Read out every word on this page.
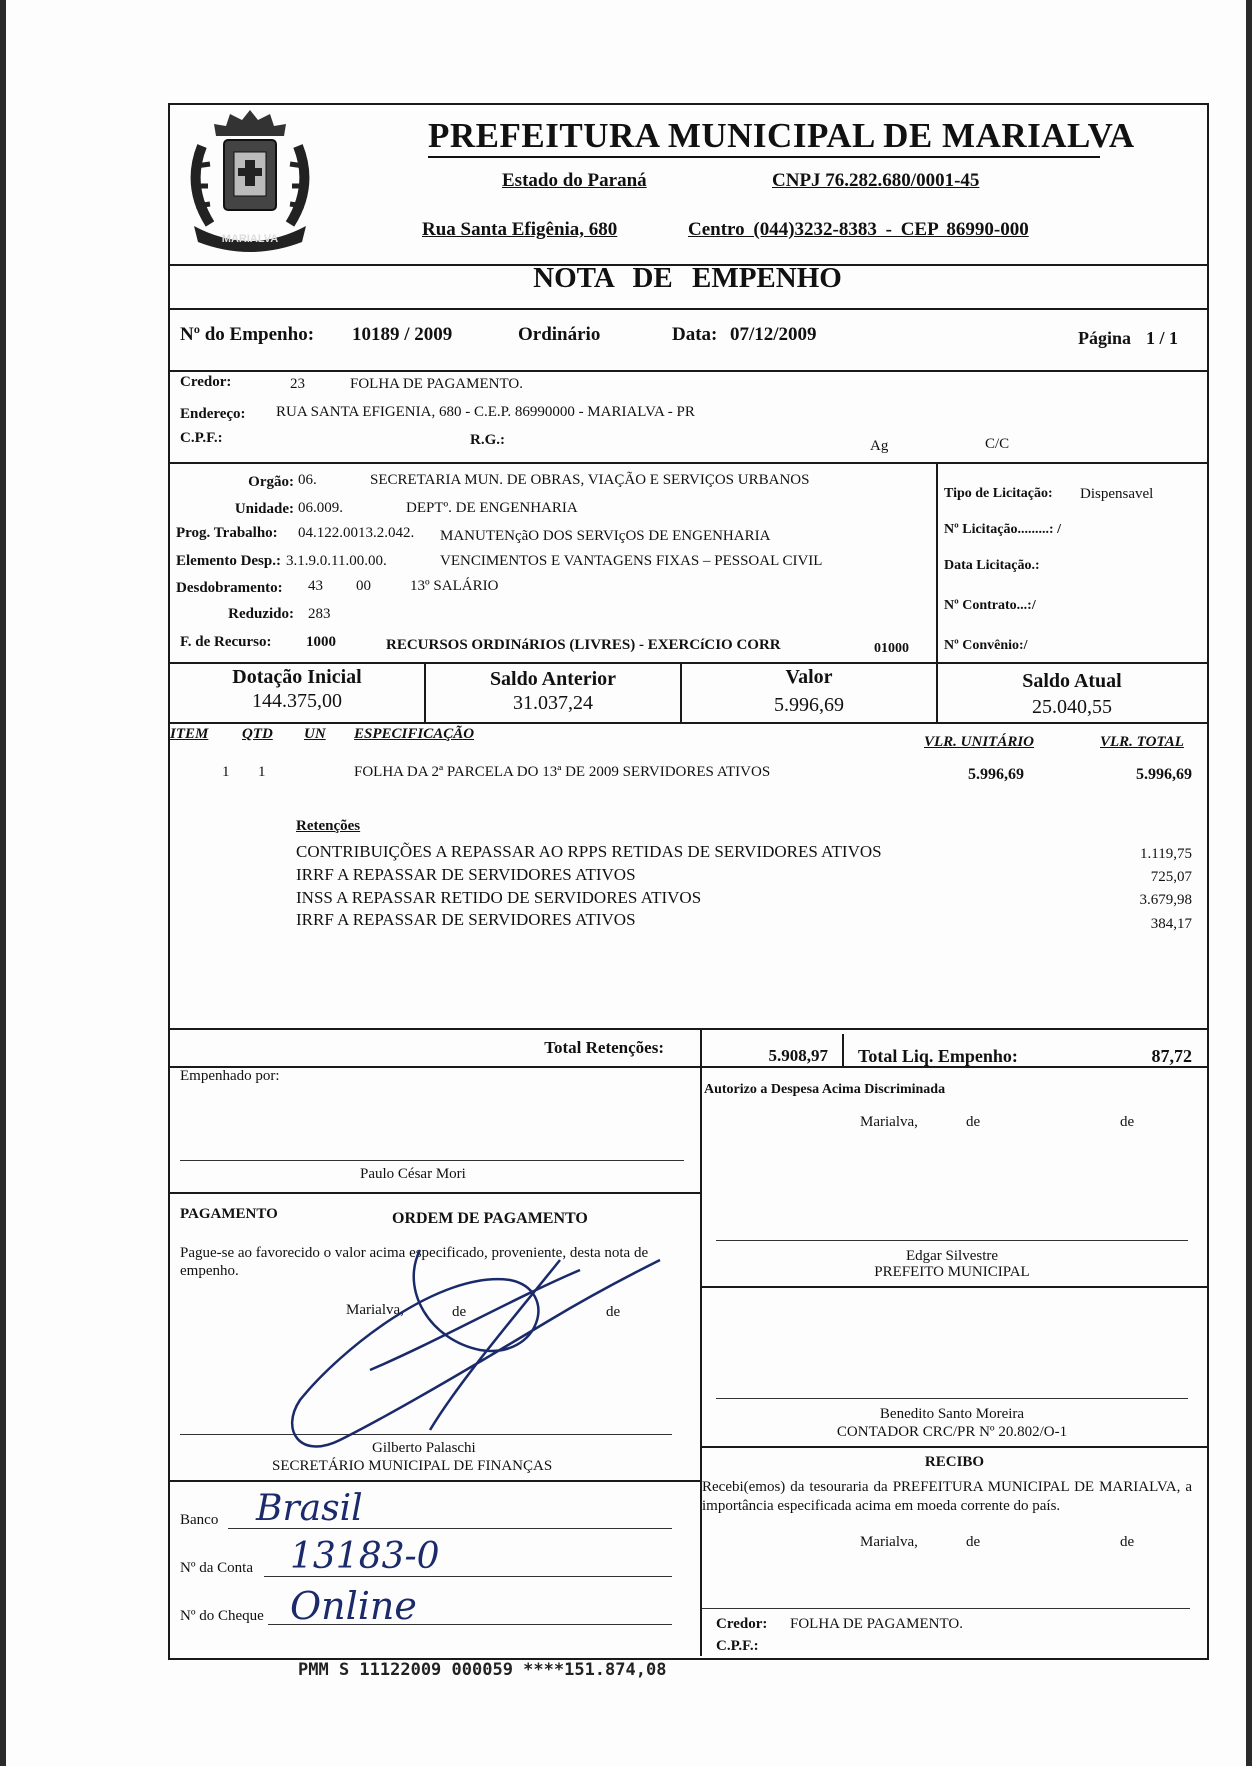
MARIALVA
PREFEITURA MUNICIPAL DE MARIALVA
Estado do Paraná	CNPJ 76.282.680/0001-45
Rua Santa Efigênia, 680	Centro (044)3232-8383 - CEP 86990-000
NOTA DE EMPENHO
Nº do Empenho: 10189 / 2009	Ordinário	Data: 07/12/2009	Página 1 / 1
Credor:	23	FOLHA DE PAGAMENTO.
Endereço: RUA SANTA EFIGENIA, 680 - C.E.P. 86990000 - MARIALVA - PR
C.P.F.:	R.G.:	Ag	C/C
Orgão: 06.	SECRETARIA MUN. DE OBRAS, VIAÇÃO E SERVIÇOS URBANOS
Unidade: 06.009.	DEPTº. DE ENGENHARIA
Prog. Trabalho: 04.122.0013.2.042. MANUTENçãO DOS SERVIçOS DE ENGENHARIA
Elemento Desp.: 3.1.9.0.11.00.00.	VENCIMENTOS E VANTAGENS FIXAS – PESSOAL CIVIL
Desdobramento: 43 00	13º SALÁRIO
Reduzido: 283
F. de Recurso: 1000	RECURSOS ORDINáRIOS (LIVRES) - EXERCíCIO CORR	01000
Tipo de Licitação: Dispensavel
Nº Licitação.........: /
Data Licitação.:
Nº Contrato...:/
Nº Convênio:/
Dotação Inicial
144.375,00
Saldo Anterior
31.037,24
Valor
5.996,69
Saldo Atual
25.040,55
ITEM QTD UN ESPECIFICAÇÃO	VLR. UNITÁRIO	VLR. TOTAL
1 1	FOLHA DA 2ª PARCELA DO 13ª DE 2009 SERVIDORES ATIVOS	5.996,69	5.996,69
Retenções
CONTRIBUIÇÕES A REPASSAR AO RPPS RETIDAS DE SERVIDORES ATIVOS	1.119,75
IRRF A REPASSAR DE SERVIDORES ATIVOS	725,07
INSS A REPASSAR RETIDO DE SERVIDORES ATIVOS	3.679,98
IRRF A REPASSAR DE SERVIDORES ATIVOS	384,17
Total Retenções:	5.908,97 Total Liq. Empenho:	87,72
Empenhado por:
Paulo César Mori
Autorizo a Despesa Acima Discriminada
Marialva,	de	de
Edgar Silvestre
PREFEITO MUNICIPAL
Benedito Santo Moreira
CONTADOR CRC/PR Nº 20.802/O-1
RECIBO
Recebi(emos) da tesouraria da PREFEITURA MUNICIPAL DE MARIALVA, a importância especificada acima em moeda corrente do país.
Marialva,	de	de
Credor: FOLHA DE PAGAMENTO.
C.P.F.:
PAGAMENTO	ORDEM DE PAGAMENTO
Pague-se ao favorecido o valor acima especificado, proveniente, desta nota de empenho.
Marialva,	de	de
Gilberto Palaschi
SECRETÁRIO MUNICIPAL DE FINANÇAS
Banco Brasil
Nº da Conta 13183-0
Nº do Cheque Online
PMM S 11122009 000059 ****151.874,08
